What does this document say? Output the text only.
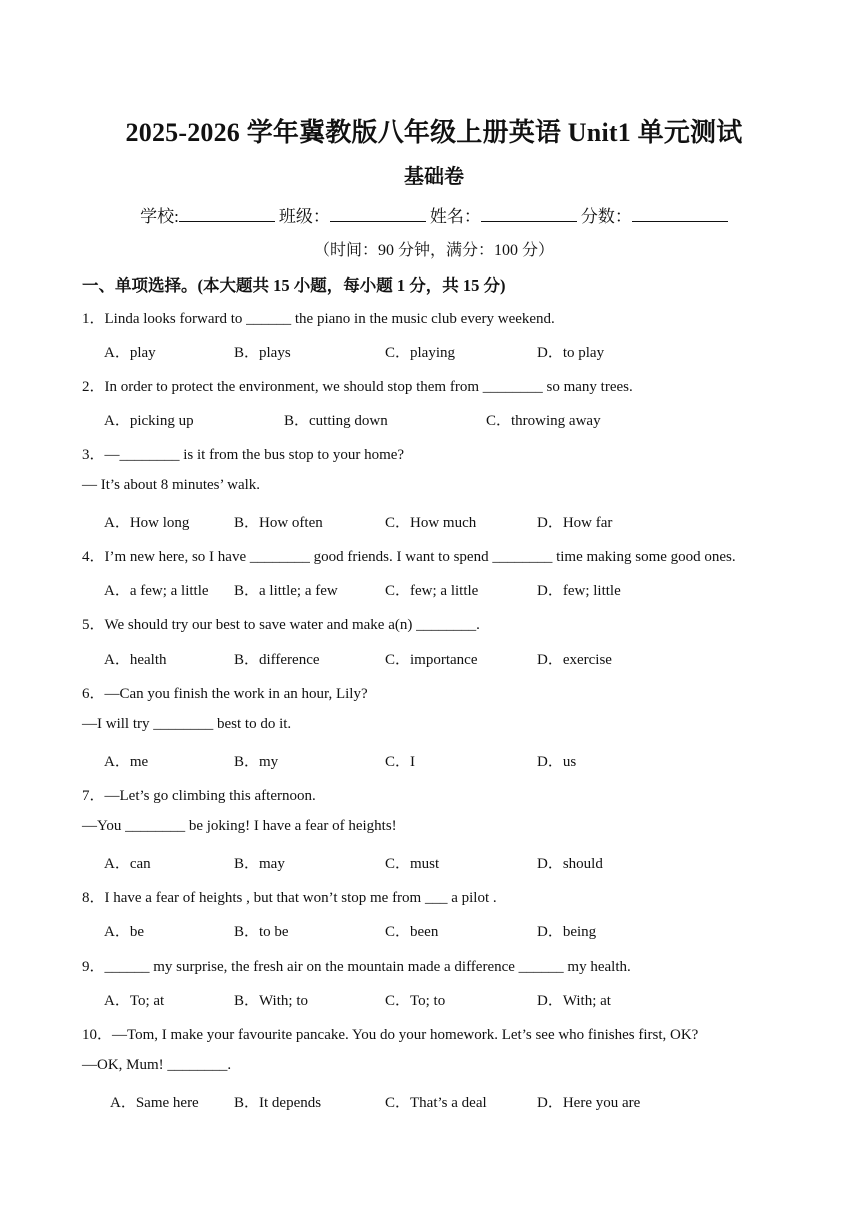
2025-2026 学年冀教版八年级上册英语 Unit1 单元测试
基础卷
学校:	班级：	姓名：	分数：
（时间：90 分钟，满分：100 分）
一、单项选择。(本大题共 15 小题，每小题 1 分，共 15 分)
1．Linda looks forward to ______ the piano in the music club every weekend.
A．play	B．plays	C．playing	D．to play
2．In order to protect the environment, we should stop them from ________ so many trees.
A．picking up	B．cutting down	C．throwing away
3．—________ is it from the bus stop to your home?
— It’s about 8 minutes’ walk.
A．How long	B．How often	C．How much	D．How far
4．I’m new here, so I have ________ good friends. I want to spend ________ time making some good ones.
A．a few; a little B．a little; a few	C．few; a little	D．few; little
5．We should try our best to save water and make a(n) ________.
A．health	B．difference	C．importance	D．exercise
6．—Can you finish the work in an hour, Lily?
—I will try ________ best to do it.
A．me	B．my	C．I	D．us
7．—Let’s go climbing this afternoon.
—You ________ be joking! I have a fear of heights!
A．can	B．may	C．must	D．should
8．I have a fear of heights , but that won’t stop me from ___ a pilot .
A．be	B．to be	C．been	D．being
9．______ my surprise, the fresh air on the mountain made a difference ______ my health.
A．To; at	B．With; to	C．To; to	D．With; at
10．—Tom, I make your favourite pancake. You do your homework. Let’s see who finishes first, OK?
—OK, Mum! ________.
A．Same here B．It depends	C．That’s a deal	D．Here you are
